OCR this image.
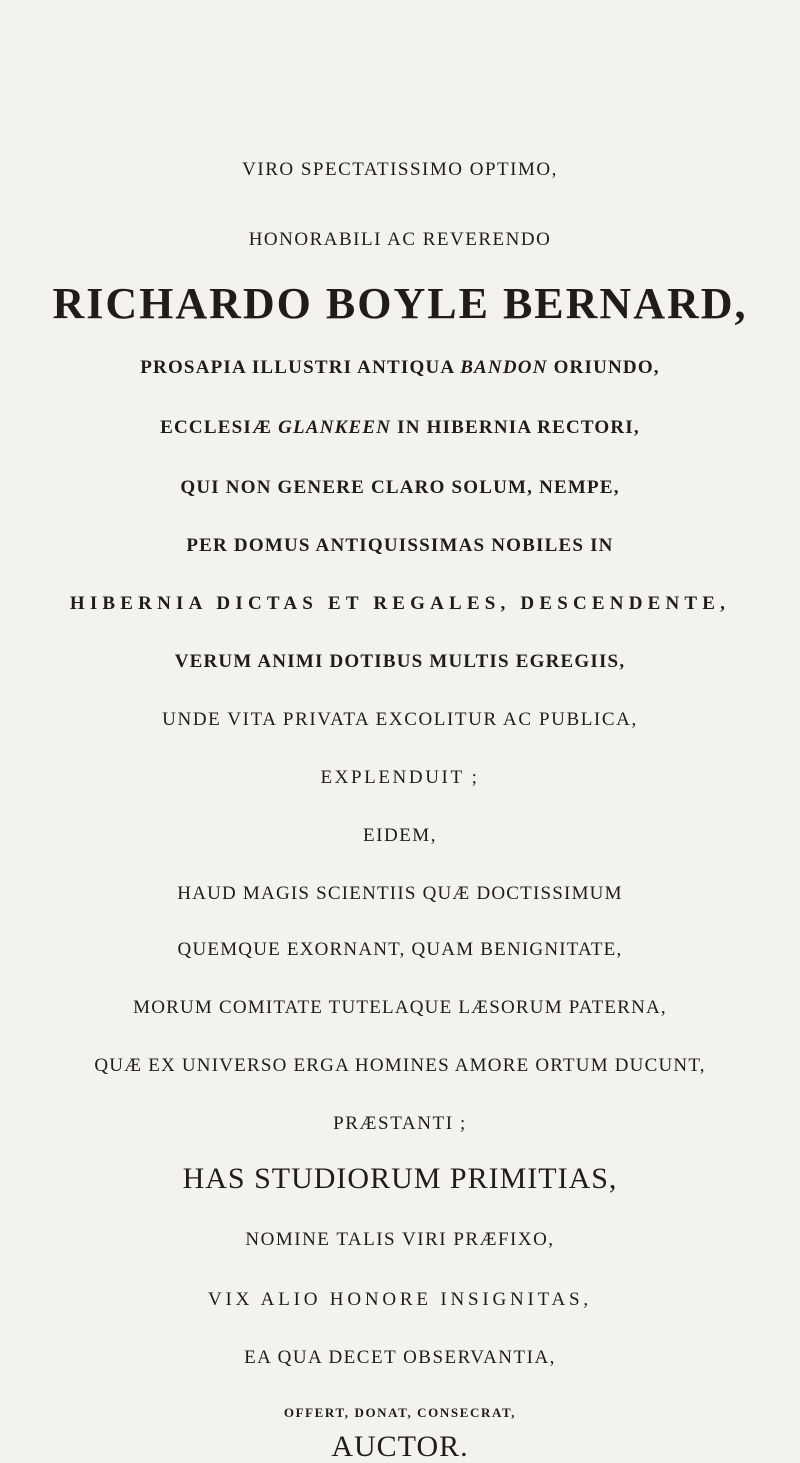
VIRO SPECTATISSIMO OPTIMO,
HONORABILI AC REVERENDO
RICHARDO BOYLE BERNARD,
PROSAPIA ILLUSTRI ANTIQUA BANDON ORIUNDO,
ECCLESIÆ GLANKEEN IN HIBERNIA RECTORI,
QUI NON GENERE CLARO SOLUM, NEMPE,
PER DOMUS ANTIQUISSIMAS NOBILES IN
HIBERNIA DICTAS ET REGALES, DESCENDENTE,
VERUM ANIMI DOTIBUS MULTIS EGREGIIS,
UNDE VITA PRIVATA EXCOLITUR AC PUBLICA,
EXPLENDUIT ;
EIDEM,
HAUD MAGIS SCIENTIIS QUÆ DOCTISSIMUM
QUEMQUE EXORNANT, QUAM BENIGNITATE,
MORUM COMITATE TUTELAQUE LÆSORUM PATERNA,
QUÆ EX UNIVERSO ERGA HOMINES AMORE ORTUM DUCUNT,
PRÆSTANTI ;
HAS STUDIORUM PRIMITIAS,
NOMINE TALIS VIRI PRÆFIXO,
VIX ALIO HONORE INSIGNITAS,
EA QUA DECET OBSERVANTIA,
OFFERT, DONAT, CONSECRAT,
AUCTOR.
